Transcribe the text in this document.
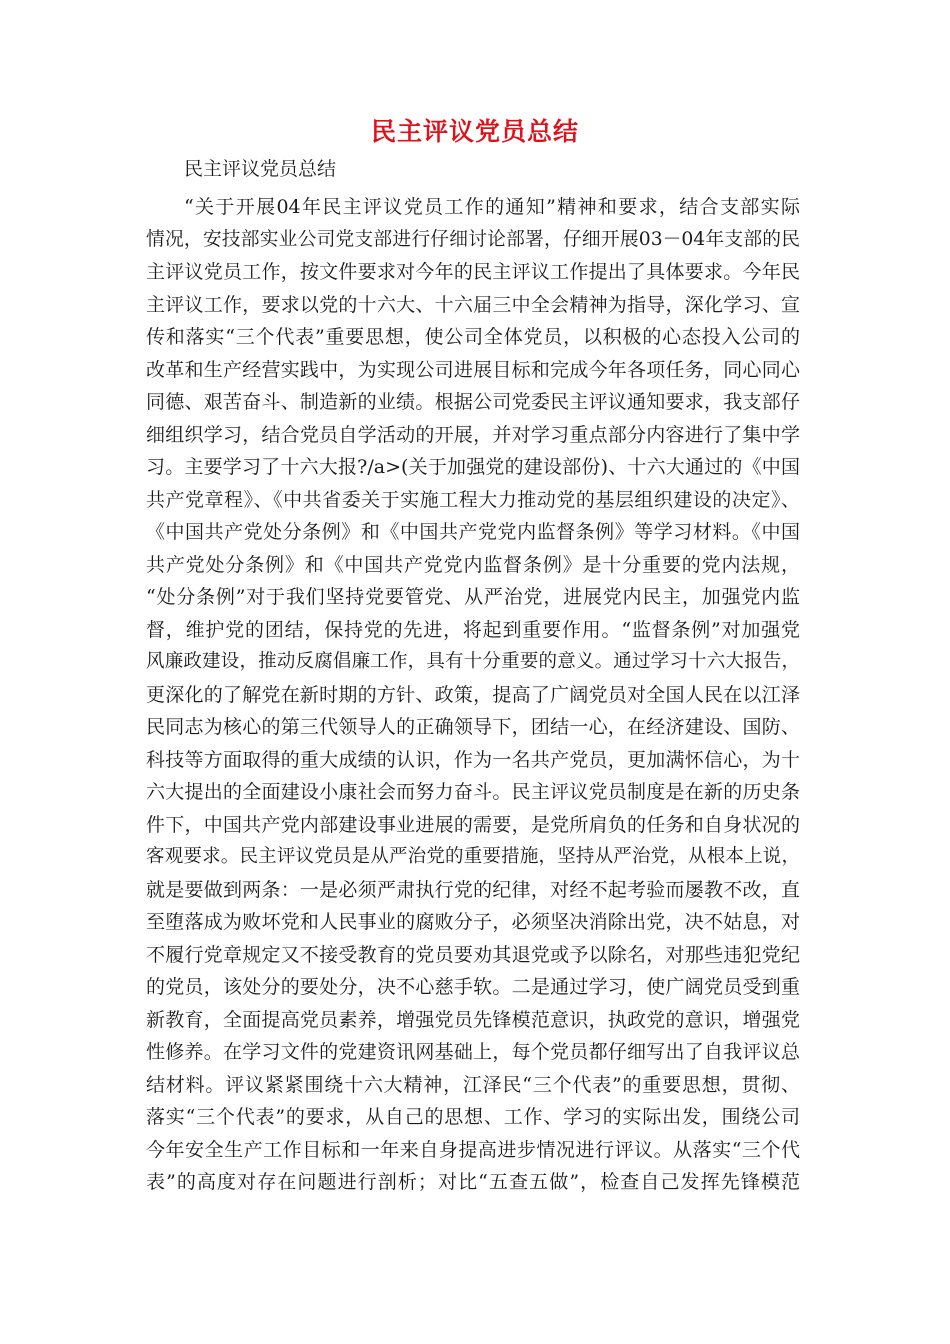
民主评议党员总结
民主评议党员总结
“关于开展04年民主评议党员工作的通知”精神和要求，结合支部实际
情况，安技部实业公司党支部进行仔细讨论部署，仔细开展03－04年支部的民
主评议党员工作，按文件要求对今年的民主评议工作提出了具体要求。今年民
主评议工作，要求以党的十六大、十六届三中全会精神为指导，深化学习、宣
传和落实“三个代表”重要思想，使公司全体党员，以积极的心态投入公司的
改革和生产经营实践中，为实现公司进展目标和完成今年各项任务，同心同心
同德、艰苦奋斗、制造新的业绩。根据公司党委民主评议通知要求，我支部仔
细组织学习，结合党员自学活动的开展，并对学习重点部分内容进行了集中学
习。主要学习了十六大报?/a>(关于加强党的建设部份)、十六大通过的《中国
共产党章程》、《中共省委关于实施工程大力推动党的基层组织建设的决定》、
《中国共产党处分条例》和《中国共产党党内监督条例》等学习材料。《中国
共产党处分条例》和《中国共产党党内监督条例》是十分重要的党内法规，
“处分条例”对于我们坚持党要管党、从严治党，进展党内民主，加强党内监
督，维护党的团结，保持党的先进，将起到重要作用。“监督条例”对加强党
风廉政建设，推动反腐倡廉工作，具有十分重要的意义。通过学习十六大报告，
更深化的了解党在新时期的方针、政策，提高了广阔党员对全国人民在以江泽
民同志为核心的第三代领导人的正确领导下，团结一心，在经济建设、国防、
科技等方面取得的重大成绩的认识，作为一名共产党员，更加满怀信心，为十
六大提出的全面建设小康社会而努力奋斗。民主评议党员制度是在新的历史条
件下，中国共产党内部建设事业进展的需要，是党所肩负的任务和自身状况的
客观要求。民主评议党员是从严治党的重要措施，坚持从严治党，从根本上说，
就是要做到两条：一是必须严肃执行党的纪律，对经不起考验而屡教不改，直
至堕落成为败坏党和人民事业的腐败分子，必须坚决消除出党，决不姑息，对
不履行党章规定又不接受教育的党员要劝其退党或予以除名，对那些违犯党纪
的党员，该处分的要处分，决不心慈手软。二是通过学习，使广阔党员受到重
新教育，全面提高党员素养，增强党员先锋模范意识，执政党的意识，增强党
性修养。在学习文件的党建资讯网基础上，每个党员都仔细写出了自我评议总
结材料。评议紧紧围绕十六大精神，江泽民“三个代表”的重要思想，贯彻、
落实“三个代表”的要求，从自己的思想、工作、学习的实际出发，围绕公司
今年安全生产工作目标和一年来自身提高进步情况进行评议。从落实“三个代
表”的高度对存在问题进行剖析；对比“五查五做”，检查自己发挥先锋模范
